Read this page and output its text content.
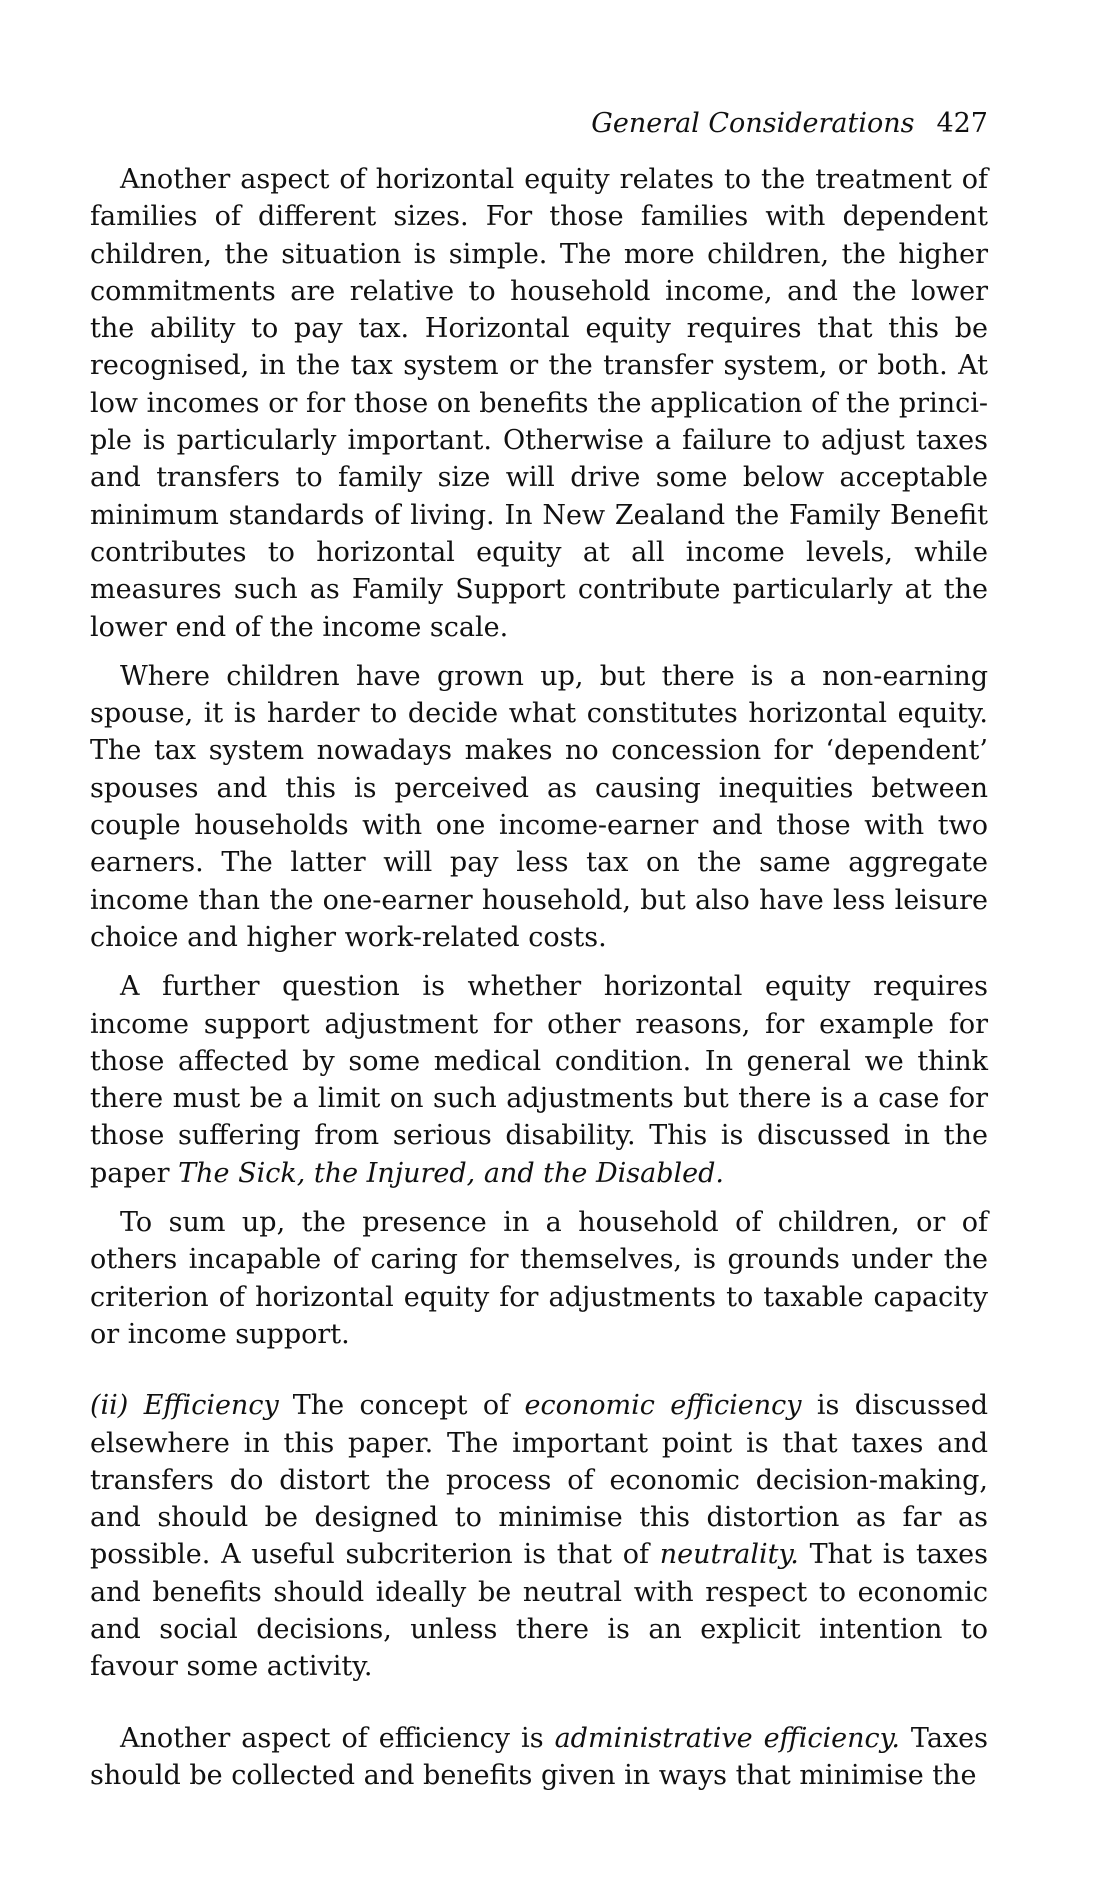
General Considerations 427

Another aspect of horizontal equity relates to the treatment of families of different sizes. For those families with dependent children, the situation is simple. The more children, the higher commitments are relative to household income, and the lower the ability to pay tax. Horizontal equity requires that this be recognised, in the tax system or the transfer system, or both. At low incomes or for those on benefits the application of the principle is particularly important. Otherwise a failure to adjust taxes and transfers to family size will drive some below acceptable minimum standards of living. In New Zealand the Family Benefit contributes to horizontal equity at all income levels, while measures such as Family Support contribute particularly at the lower end of the income scale.

Where children have grown up, but there is a non-earning spouse, it is harder to decide what constitutes horizontal equity. The tax system nowadays makes no concession for ‘dependent’ spouses and this is perceived as causing inequities between couple households with one income-earner and those with two earners. The latter will pay less tax on the same aggregate income than the one-earner household, but also have less leisure choice and higher work-related costs.

A further question is whether horizontal equity requires income support adjustment for other reasons, for example for those affected by some medical condition. In general we think there must be a limit on such adjustments but there is a case for those suffering from serious disability. This is discussed in the paper The Sick, the Injured, and the Disabled.

To sum up, the presence in a household of children, or of others incapable of caring for themselves, is grounds under the criterion of horizontal equity for adjustments to taxable capacity or income support.

(ii) Efficiency The concept of economic efficiency is discussed elsewhere in this paper. The important point is that taxes and transfers do distort the process of economic decision-making, and should be designed to minimise this distortion as far as possible. A useful subcriterion is that of neutrality. That is taxes and benefits should ideally be neutral with respect to economic and social decisions, unless there is an explicit intention to favour some activity.

Another aspect of efficiency is administrative efficiency. Taxes should be collected and benefits given in ways that minimise the
